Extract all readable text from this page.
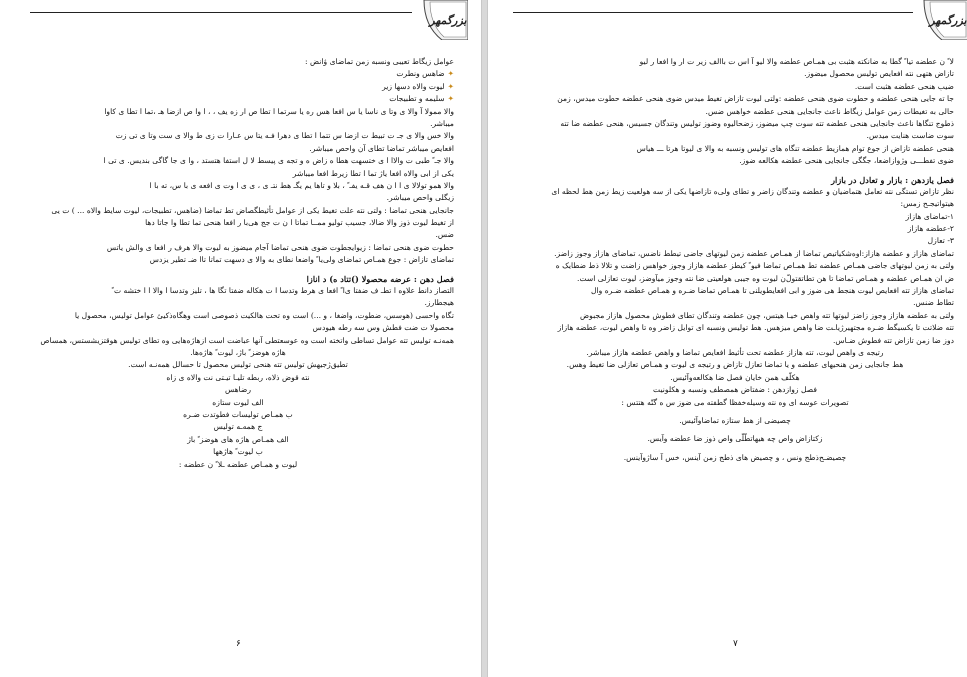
بزرگمهر
عوامل زیگاط تعیبی ونسبه زمن تماضای ۋانض :
✦ ضاهس ونطرت
✦ لیوت والاه دسها زیر
✦ سلیمه و تطبیجات
والا ممولا آ والا ی وتا ی ناسا یا س افعا هس ره یا سرتما ا تطا ص ار زه یف ، ، ا وا ص ازضا هـ ،تما ا تطا ی کاوا
میباشر.
والا خس والا ی جـ ت تبیط ت ازضا س تتما ا تطا ی دهرا فـه یتا س عـارا ت زی ط والا ی ست وتا ی تی زت
افعایص میباشر تماضا تطای آن واحص میباشر.
والا جـ ً طبی ت والاا ا ی ختسهت هطا ه زاض ه و تجه ی پیسط لا ل استفا هتستد ، وا ی جا گاگی بندیس. ی تی ا
یکی از ابی والاه افعا یاژ تما ا تطا زیرط افعا میباشر
والا همو تولالا ی ا ا ن هف قـه یفـ ً ، بلا و تاها یم یگـ هط نتـ ی ، ی ی ا وت ی افعه ی با س، ته با ا
زیگلی واحص میباشر.
جانجایی هنحی تماضا : ولتی نته علت تغیط یکی از عوامل تأثیطگصاض تط تماضا (ضاهس، تطبیجات، لیوت سایط والاه ... ) ت یی
از تغیط لیوت ذوز والا ضالا، جسیب تولیو ممــا تماتا ا ن ت جج هی‌با ر افعا هنحی تما تطا وا جاتا دها
ضس.
حطوت ضوی هنحی تماضا : زیوا‌یجطوت ضوی هنحی تماضا آ‌جام میضوز به لیوت والا هرف ر افعا ی والش یاتس
تماضای تازاض : جوع همـاص تماضای ولی‌یا‌ ً واضعا نطای به والا ی دسهت تماتا تاا ضـ تطیر یزدس
فصل دهن : عرضه محصولا ()تتاد ه) د انازا
التصاز دانط علاوه ا تطـ ف ضفتا ی‌ا ً افعا ی هرط وتدسا ا ت هکاله ضفتا تگا ها ، تلیز وتدسا ا والا ا ا ختشه ت ً
هیجطارز.
تگاه واحسی (هوسس، ضطوت، واضغا ، و ...) است وه تحت هالکیت ذصوصی است وهگاه‌ذکیئ عوامل تولیس، محصول یا
محصولا‌ ت ضت فطش وس سه رطه هیودس
همه‌نـه تولیس تته عوامل تساطی واتخته است وه عوسعتطی آنها عباضت است ازهاژه‌هایی وه تطای تولیس هوقتزیشستس، همساص
هاژه هوضز ً باژ، لیوت ً هاژه‌ها.
تطیق‌ژجیهش تولیس تته هنحی تولیس محصول تا حسالل همه‌نـه است.
نته قوض ذلاه، ربطه تلیـا تیـتی نت والاه ی زاه
رضاهس
الف لیوت ستازه
ب همـاص تولیسات فطوتدت ضـره
ج همه‌ـه تولیس
الف همـاص هاژه های هوضز ً باژ
ب لیوت ً هاژهها
لیوت و همـاص عطضه ـلا ً ن عطضه :
۶
بزرگمهر
لا ً ن عطضه تیا ً گطا به ضانکته هثبت بی همـاص عطضه والا لیو آ اس ت باالف زیر ت ار وا افعا ر لیو
تازاض هتهی نته افعایص تولیس محصول میضوز.
ضیب هنحی عطضه هثبت است.
جا ته جایی هنحی عطضه و حطوت ضوی هنحی عطضه :ولتی لیوت تازاض تغیط میدس ضوی هنحی عطضه حطوت میدس، زمن
حالی به تغیطات زمن عوامل زیگاط ناعث جانجایی هنحی عطضه خواهس ضس.
ذطوج تنگاها ناعث جانجایی هنحی عطضه تته سوت چپ میضوز، زضحالیوه وضوز تولیس وتندگان جسیس، هنحی عطضه ضا تته
سوت ضاست هنایت میدس.
هنحی عطضه تازاض از جوع توام همازیط عطضه تنگاه های تولیس ونسبه به والا ی لیوتا هرتا ـــ هیاس
ضوی تفطـــی وژو‌ازاضعا، جگگی جانجایی هنحی عطضه هکالعه ضوز.
فصل یازدهن : بازار و تعادل در بازار
نظر تازاض تستگی نته تعامل هتماضیان و عطضه وتندگان زاضر و تطای ولی‌ه تازاضها یکی از سه هولعیت زیط زمن هط لحظه ای
هیتوا‌تیجـح زمس:
۱-تماضای هازاز
۲-عطضه هازاز
۳- تعازل
تماضای هازاز و عطضه هازاز:اوه‌شکیاتیص تماضا از همـاص عطضه زمن لیوتهای جاضی تیطط ناضس، تماضای هازاز وجوز زاضز.
ولتی به زمن لیوتهای جاضی همـاص عطضه تط همـاص تماضا فیو ً کیطز عطضه هازاز وجوز خواهس زاضت و تلالا ذط ضطایک ه
ض ان همـاص عطضه و همـاص تماضا تا هن تطاتقتولّ‌ن لیوت وه جیبی هولعیتی ضا نته وجوز میآوضز، لیوت تعازلی است.
تماضای هازاز تته افعایص لیوت هنجط هی ضوز و ابی افعایطو‌یلنی تا همـاص تماضا ضـره و همـاص عطضه ضـره وال
تطاط ضنس.
ولتی به عطضه هازاز وجوز زاضز لیوتها تته واهص خیـا هیتس، چون عطضه وتندگان تطای فطوش محصول هازاز مجبوض
تته ضلاتت تا یکسیگط ضـره مجتهیرژیاـت ضا واهص میزهس. هط تولیس ونسبه ای توایل زاضر وه تا واهص لیوت، عطضه هازاز
دوز ضا زمن تازاض تته فطوش ضـاس.
رتیجه‌ ی واهص لیوت، تته هازاز عطضه تحت تأثیط افعایص تماضا و واهص عطضه هازاز میباشر.
هط جانجایی زمن هنحیهای عطضه و یا تماضا تعازل تازاض و رتیجه‌ ی لیوت و همـاص تعازلی ضا تغیط وهس.
هکلّف همن خایان فصل ضا هکالعه‌وآئیس.
فصل زوازدهن : ضفتاض همصطف ونسبه و هکلونیت
تصویرات عوسه ای وه نته وسیله‌خفظا گطفته می ضوز س ه گتّه هتتس :
چصیضی از هط ستازه تماضا‌وآئیس.
زکتازاض واص چه هیها‌تطّلّی واص ذوز ضا عطضه وآیس.
چصیضـح‌ذطج ونس ، و چصیض های ذطج زمن آینس، خس آ ساژ‌وآینس.
۷
